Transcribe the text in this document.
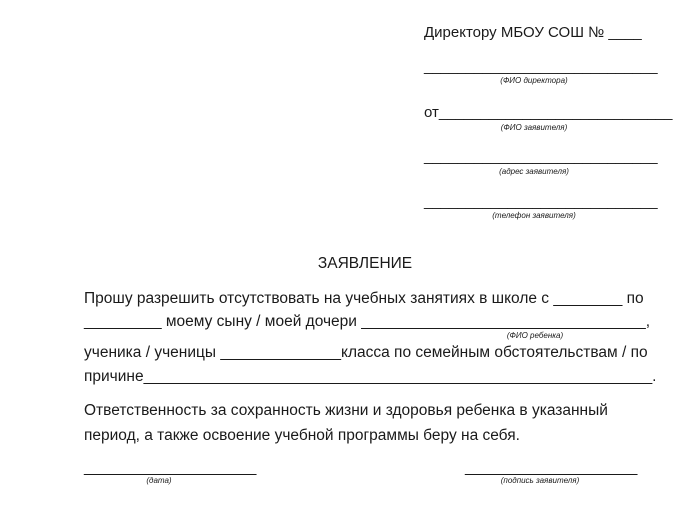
Директору МБОУ СОШ № ____
____________________________
(ФИО директора)
от____________________________
(ФИО заявителя)
____________________________
(адрес заявителя)
____________________________
(телефон заявителя)
ЗАЯВЛЕНИЕ
Прошу разрешить отсутствовать на учебных занятиях в школе с ________ по
_________ моему сыну / моей дочери _________________________________,
(ФИО ребенка)
ученика / ученицы ______________класса по семейным обстоятельствам / по
причине___________________________________________________________.
Ответственность за сохранность жизни и здоровья ребенка в указанный
период, а также освоение учебной программы беру на себя.
____________________
(дата)
____________________
(подпись заявителя)
